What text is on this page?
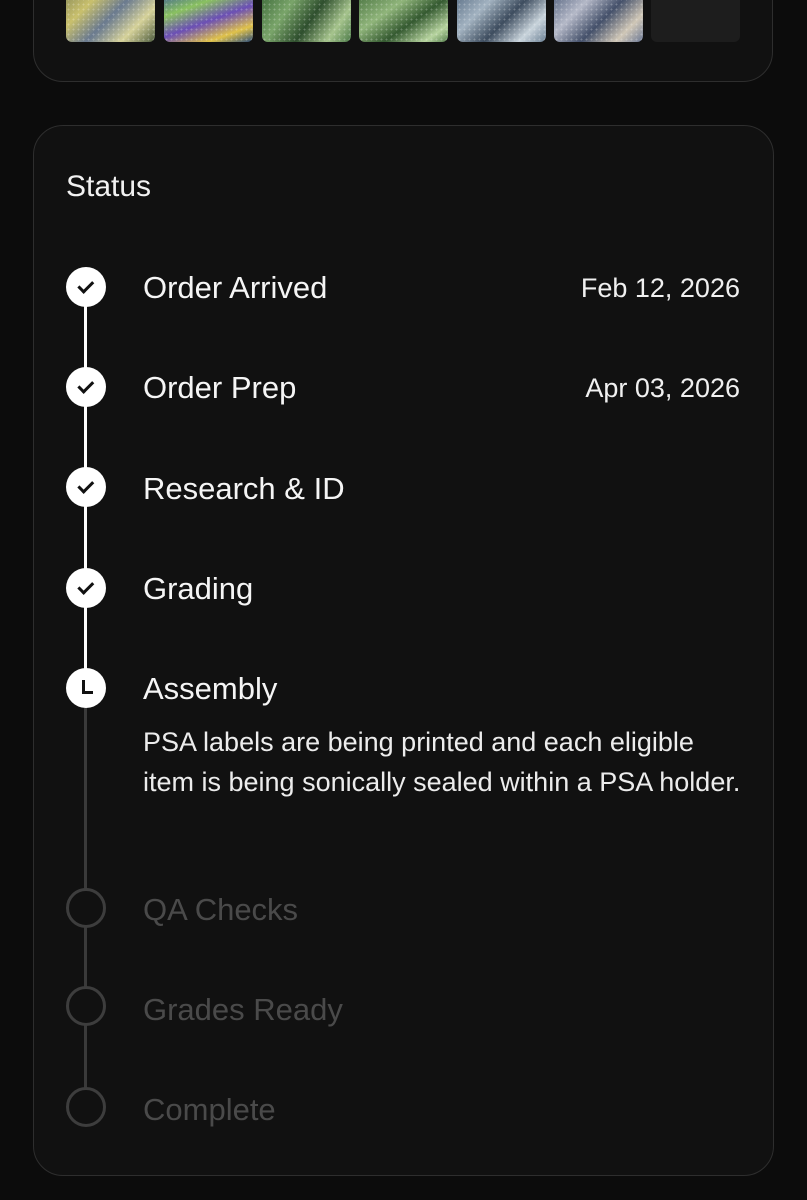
Status
Order Arrived	Feb 12, 2026
Order Prep	Apr 03, 2026
Research & ID
Grading
Assembly
PSA labels are being printed and each eligible item is being sonically sealed within a PSA holder.
QA Checks
Grades Ready
Complete
